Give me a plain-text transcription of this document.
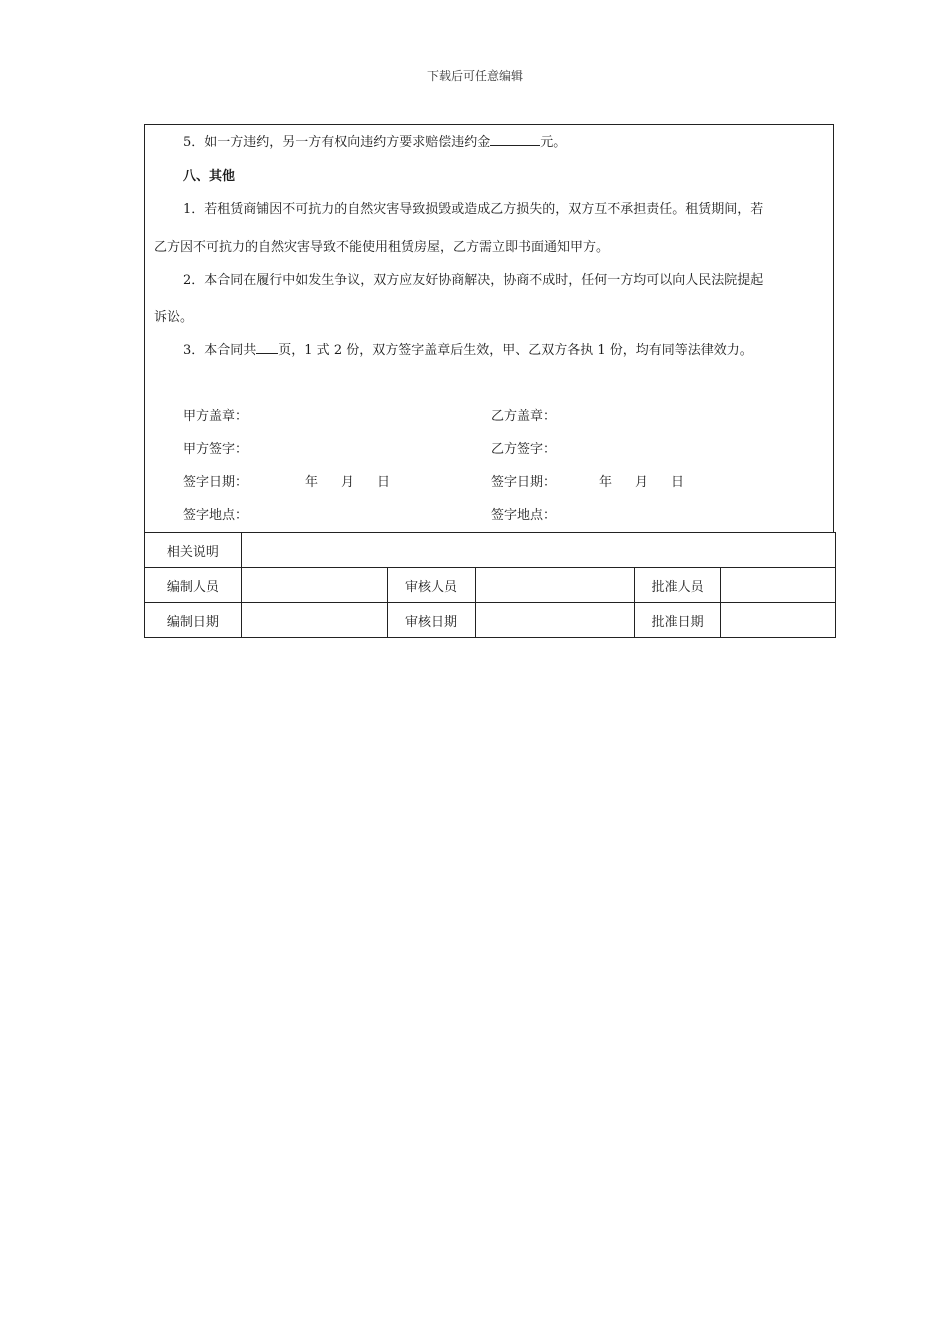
下载后可任意编辑
5．如一方违约，另一方有权向违约方要求赔偿违约金	元。
八、其他
1．若租赁商铺因不可抗力的自然灾害导致损毁或造成乙方损失的，双方互不承担责任。租赁期间，若
乙方因不可抗力的自然灾害导致不能使用租赁房屋，乙方需立即书面通知甲方。
2．本合同在履行中如发生争议，双方应友好协商解决，协商不成时，任何一方均可以向人民法院提起
诉讼。
3．本合同共 页，1 式 2 份，双方签字盖章后生效，甲、乙双方各执 1 份，均有同等法律效力。
甲方盖章：
甲方签字：
签字日期：	年 月 日
签字地点：
乙方盖章：
乙方签字：
签字日期：	年 月 日
签字地点：
相关说明					
编制人员		审核人员		批准人员	
编制日期		审核日期		批准日期	
